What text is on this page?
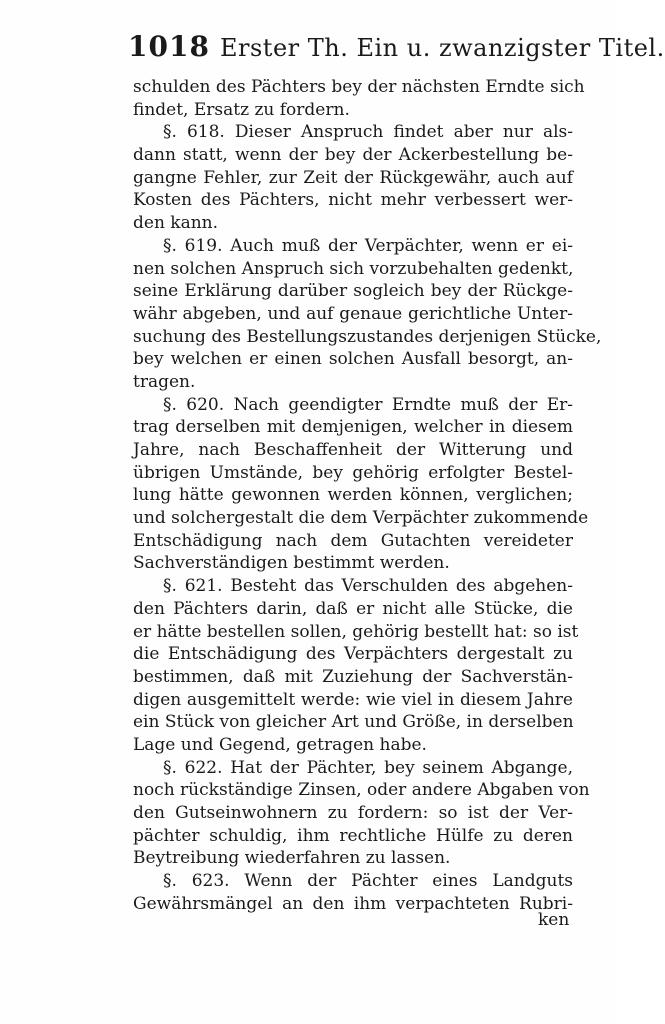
1018 Erster Th. Ein u. zwanzigster Titel.
schulden des Pächters bey der nächsten Erndte sich
findet, Ersatz zu fordern.
§. 618. Dieser Anspruch findet aber nur als-
dann statt, wenn der bey der Ackerbestellung be-
gangne Fehler, zur Zeit der Rückgewähr, auch auf
Kosten des Pächters, nicht mehr verbessert wer-
den kann.
§. 619. Auch muß der Verpächter, wenn er ei-
nen solchen Anspruch sich vorzubehalten gedenkt,
seine Erklärung darüber sogleich bey der Rückge-
währ abgeben, und auf genaue gerichtliche Unter-
suchung des Bestellungszustandes derjenigen Stücke,
bey welchen er einen solchen Ausfall besorgt, an-
tragen.
§. 620. Nach geendigter Erndte muß der Er-
trag derselben mit demjenigen, welcher in diesem
Jahre, nach Beschaffenheit der Witterung und
übrigen Umstände, bey gehörig erfolgter Bestel-
lung hätte gewonnen werden können, verglichen;
und solchergestalt die dem Verpächter zukommende
Entschädigung nach dem Gutachten vereideter
Sachverständigen bestimmt werden.
§. 621. Besteht das Verschulden des abgehen-
den Pächters darin, daß er nicht alle Stücke, die
er hätte bestellen sollen, gehörig bestellt hat: so ist
die Entschädigung des Verpächters dergestalt zu
bestimmen, daß mit Zuziehung der Sachverstän-
digen ausgemittelt werde: wie viel in diesem Jahre
ein Stück von gleicher Art und Größe, in derselben
Lage und Gegend, getragen habe.
§. 622. Hat der Pächter, bey seinem Abgange,
noch rückständige Zinsen, oder andere Abgaben von
den Gutseinwohnern zu fordern: so ist der Ver-
pächter schuldig, ihm rechtliche Hülfe zu deren
Beytreibung wiederfahren zu lassen.
§. 623. Wenn der Pächter eines Landguts
Gewährsmängel an den ihm verpachteten Rubri-
ken
